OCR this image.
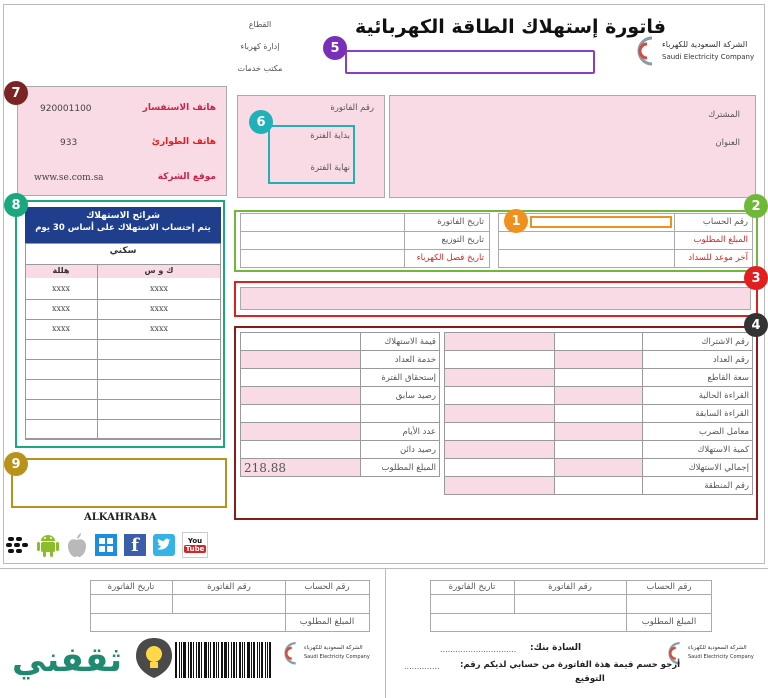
القطاع
إدارة كهرباء
مكتب خدمات
فاتورة إستهلاك الطاقة الكهربائية
الشركة السعودية للكهرباء
Saudi Electricity Company
920001100	هاتف الاستفسار
933	هاتف الطوارئ
www.se.com.sa	موقع الشركة
رقم الفاتورة
بداية الفترة
نهاية الفترة
المشترك
العنوان
تاريخ الفاتورة
تاريخ التوزيع
تاريخ فصل الكهرباء
رقم الحساب
المبلغ المطلوب
آخر موعد للسداد
		رقم الاشتراك
		رقم العداد
		سعة القاطع
		القراءة الحالية
		القراءة السابقة
		معامل الضرب
		كمية الاستهلاك
		إجمالي الاستهلاك
		رقم المنطقة
	قيمة الاستهلاك
	خدمة العداد
	إستحقاق الفترة
	رصيد سابق

	عدد الأيام
	رصيد دائن
218.88	المبلغ المطلوب
شرائح الاستهلاك
يتم إحتساب الاستهلاك على أساس 30 يوم
سكني
هللة	ك و س
xxxx	xxxx
xxxx	xxxx
xxxx	xxxx
1
2
3
4
5
6
7
8
9
ALKAHRABA
f	You
Tube
تاريخ الفاتورة	رقم الفاتورة	رقم الحساب
المبلغ المطلوب
الشركة السعودية للكهرباء
Saudi Electricity Company
ثقفني
تاريخ الفاتورة	رقم الفاتورة	رقم الحساب
المبلغ المطلوب
الشركة السعودية للكهرباء
Saudi Electricity Company
السادة بنك:
..............................
أرجو حسم قيمة هذة الفاتورة من حسابي لديكم رقم:
..............
التوقيع
